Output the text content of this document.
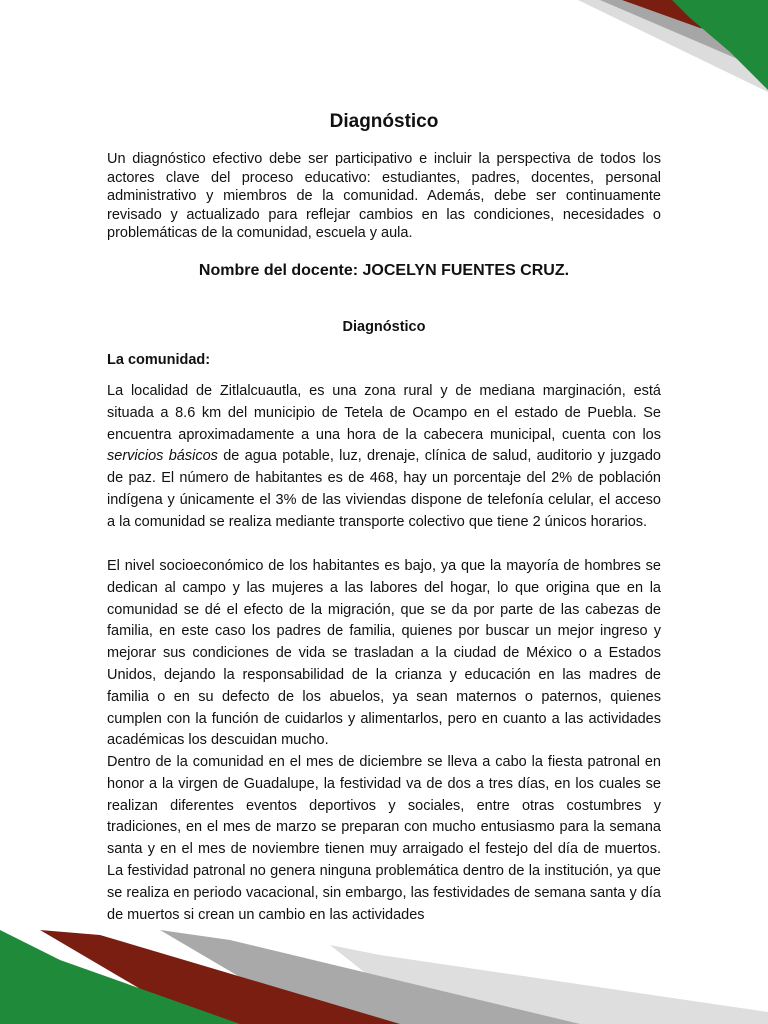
Diagnóstico

Un diagnóstico efectivo debe ser participativo e incluir la perspectiva de todos los actores clave del proceso educativo: estudiantes, padres, docentes, personal administrativo y miembros de la comunidad. Además, debe ser continuamente revisado y actualizado para reflejar cambios en las condiciones, necesidades o problemáticas de la comunidad, escuela y aula.

Nombre del docente: JOCELYN FUENTES CRUZ.

Diagnóstico

La comunidad:

La localidad de Zitlalcuautla, es una zona rural y de mediana marginación, está situada a 8.6 km del municipio de Tetela de Ocampo en el estado de Puebla. Se encuentra aproximadamente a una hora de la cabecera municipal, cuenta con los servicios básicos de agua potable, luz, drenaje, clínica de salud, auditorio y juzgado de paz. El número de habitantes es de 468, hay un porcentaje del 2% de población indígena y únicamente el 3% de las viviendas dispone de telefonía celular, el acceso a la comunidad se realiza mediante transporte colectivo que tiene 2 únicos horarios.

El nivel socioeconómico de los habitantes es bajo, ya que la mayoría de hombres se dedican al campo y las mujeres a las labores del hogar, lo que origina que en la comunidad se dé el efecto de la migración, que se da por parte de las cabezas de familia, en este caso los padres de familia, quienes por buscar un mejor ingreso y mejorar sus condiciones de vida se trasladan a la ciudad de México o a Estados Unidos, dejando la responsabilidad de la crianza y educación en las madres de familia o en su defecto de los abuelos, ya sean maternos o paternos, quienes cumplen con la función de cuidarlos y alimentarlos, pero en cuanto a las actividades académicas los descuidan mucho.

Dentro de la comunidad en el mes de diciembre se lleva a cabo la fiesta patronal en honor a la virgen de Guadalupe, la festividad va de dos a tres días, en los cuales se realizan diferentes eventos deportivos y sociales, entre otras costumbres y tradiciones, en el mes de marzo se preparan con mucho entusiasmo para la semana santa y en el mes de noviembre tienen muy arraigado el festejo del día de muertos. La festividad patronal no genera ninguna problemática dentro de la institución, ya que se realiza en periodo vacacional, sin embargo, las festividades de semana santa y día de muertos si crean un cambio en las actividades
